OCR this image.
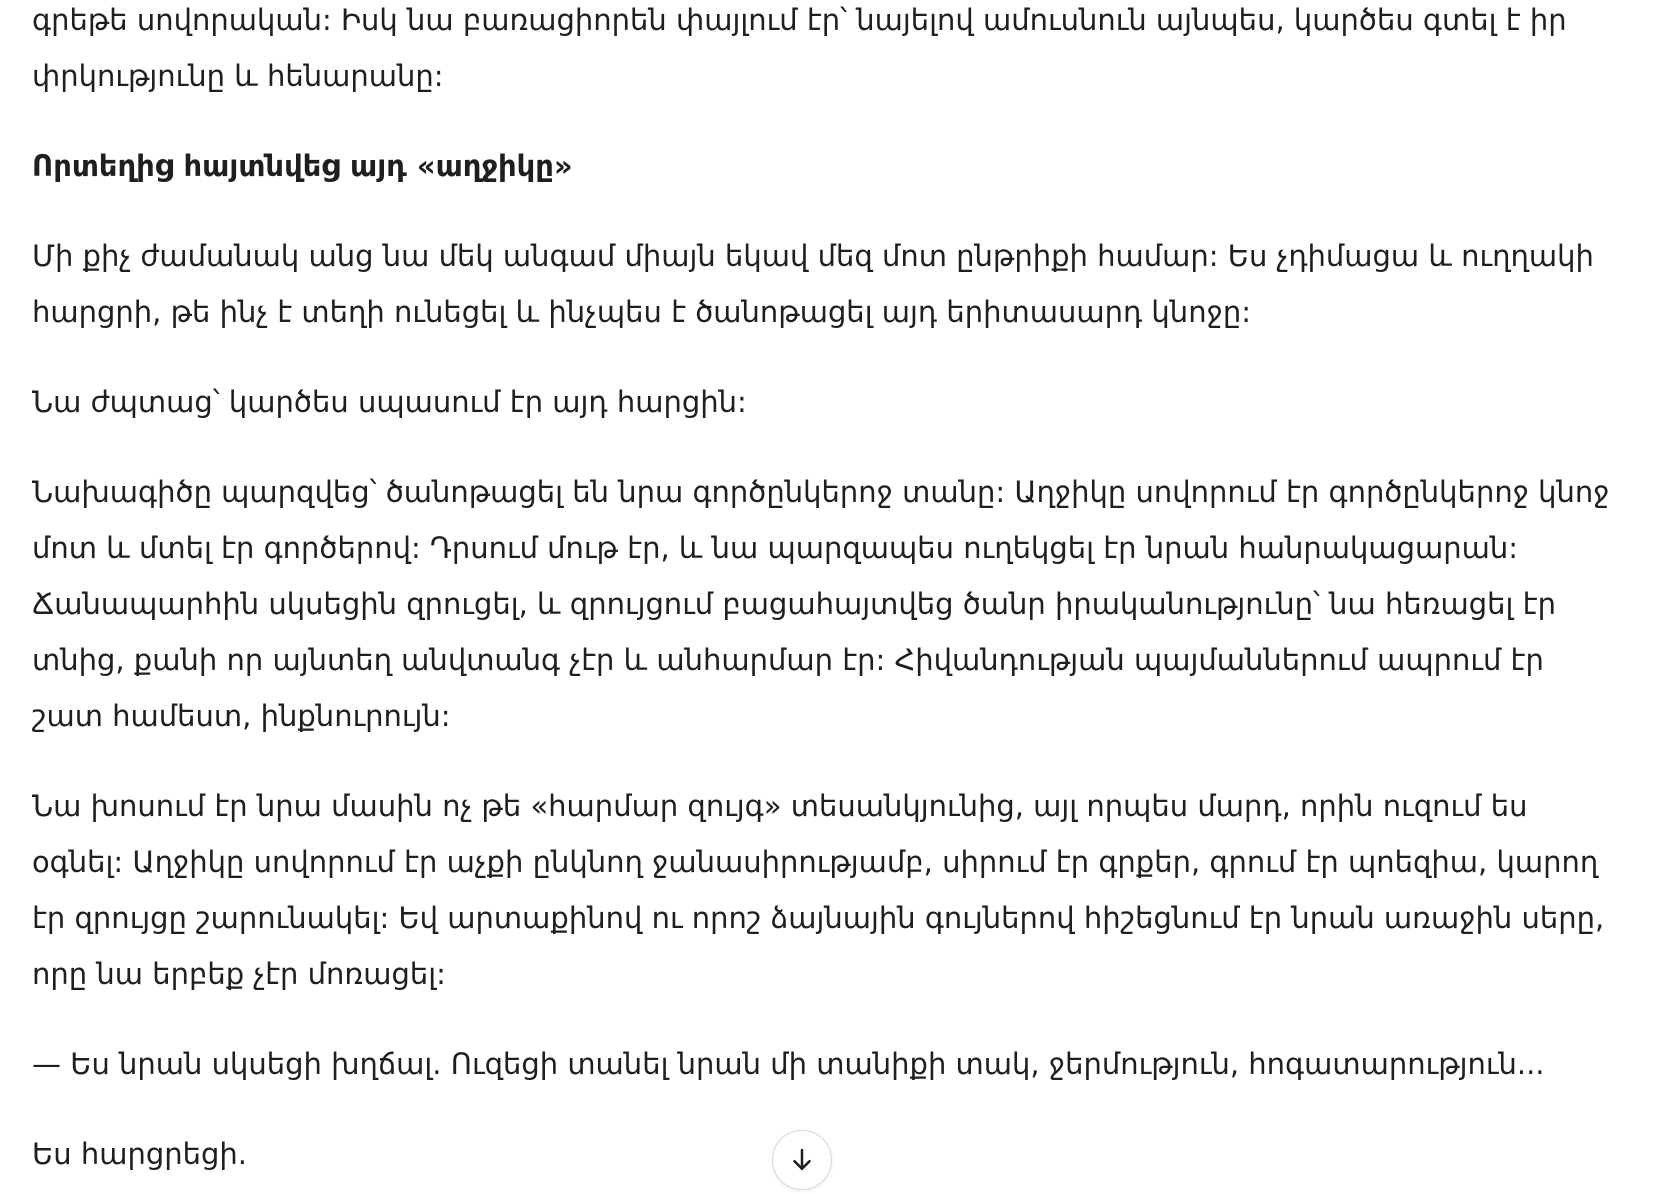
գրեթե սովորական: Իսկ նա բառացիորեն փայլում էր՝ նայելով ամուսնուն այնպես, կարծես գտել է իր փրկությունը և հենարանը:

Որտեղից հայտնվեց այդ «աղջիկը»

Մի քիչ ժամանակ անց նա մեկ անգամ միայն եկավ մեզ մոտ ընթրիքի համար: Ես չդիմացա և ուղղակի հարցրի, թե ինչ է տեղի ունեցել և ինչպես է ծանոթացել այդ երիտասարդ կնոջը:

Նա ժպտաց՝ կարծես սպասում էր այդ հարցին:

Նախագիծը պարզվեց՝ ծանոթացել են նրա գործընկերոջ տանը: Աղջիկը սովորում էր գործընկերոջ կնոջ մոտ և մտել էր գործերով: Դրսում մութ էր, և նա պարզապես ուղեկցել էր նրան հանրակացարան: Ճանապարհին սկսեցին զրուցել, և զրույցում բացահայտվեց ծանր իրականությունը՝ նա հեռացել էր տնից, քանի որ այնտեղ անվտանգ չէր և անհարմար էր: Հիվանդության պայմաններում ապրում էր շատ համեստ, ինքնուրույն:

Նա խոսում էր նրա մասին ոչ թե «հարմար զույգ» տեսանկյունից, այլ որպես մարդ, որին ուզում ես օգնել: Աղջիկը սովորում էր աչքի ընկնող ջանասիրությամբ, սիրում էր գրքեր, գրում էր պոեզիա, կարող էր զրույցը շարունակել: Եվ արտաքինով ու որոշ ձայնային գույներով հիշեցնում էր նրան առաջին սերը, որը նա երբեք չէր մոռացել:

— Ես նրան սկսեցի խղճալ. Ուզեցի տանել նրան մի տանիքի տակ, ջերմություն, հոգատարություն...

Ես հարցրեցի.
